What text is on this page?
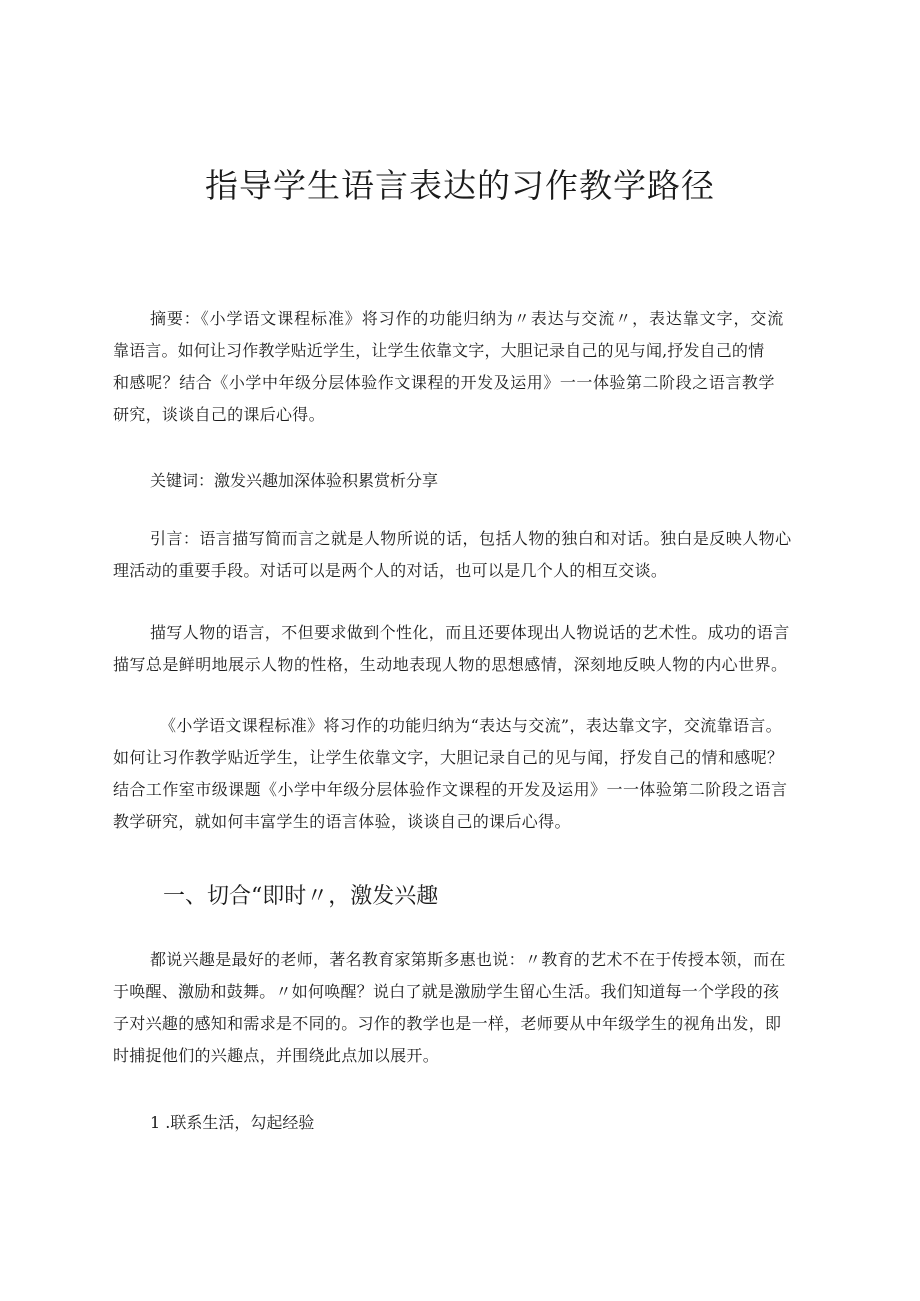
指导学生语言表达的习作教学路径
摘要：《小学语文课程标准》将习作的功能归纳为〃表达与交流〃，表达靠文字，交流
靠语言。如何让习作教学贴近学生，让学生依靠文字，大胆记录自己的见与闻,抒发自己的情
和感呢？结合《小学中年级分层体验作文课程的开发及运用》一一体验第二阶段之语言教学
研究，谈谈自己的课后心得。
关键词：激发兴趣加深体验积累赏析分享
引言：语言描写简而言之就是人物所说的话，包括人物的独白和对话。独白是反映人物心
理活动的重要手段。对话可以是两个人的对话，也可以是几个人的相互交谈。
描写人物的语言，不但要求做到个性化，而且还要体现出人物说话的艺术性。成功的语言
描写总是鲜明地展示人物的性格，生动地表现人物的思想感情，深刻地反映人物的内心世界。
《小学语文课程标准》将习作的功能归纳为“表达与交流”，表达靠文字，交流靠语言。
如何让习作教学贴近学生，让学生依靠文字，大胆记录自己的见与闻，抒发自己的情和感呢？
结合工作室市级课题《小学中年级分层体验作文课程的开发及运用》一一体验第二阶段之语言
教学研究，就如何丰富学生的语言体验，谈谈自己的课后心得。
一、切合“即时〃，激发兴趣
都说兴趣是最好的老师，著名教育家第斯多惠也说：〃教育的艺术不在于传授本领，而在
于唤醒、激励和鼓舞。〃如何唤醒？说白了就是激励学生留心生活。我们知道每一个学段的孩
子对兴趣的感知和需求是不同的。习作的教学也是一样，老师要从中年级学生的视角出发，即
时捕捉他们的兴趣点，并围绕此点加以展开。
1 .联系生活，勾起经验
